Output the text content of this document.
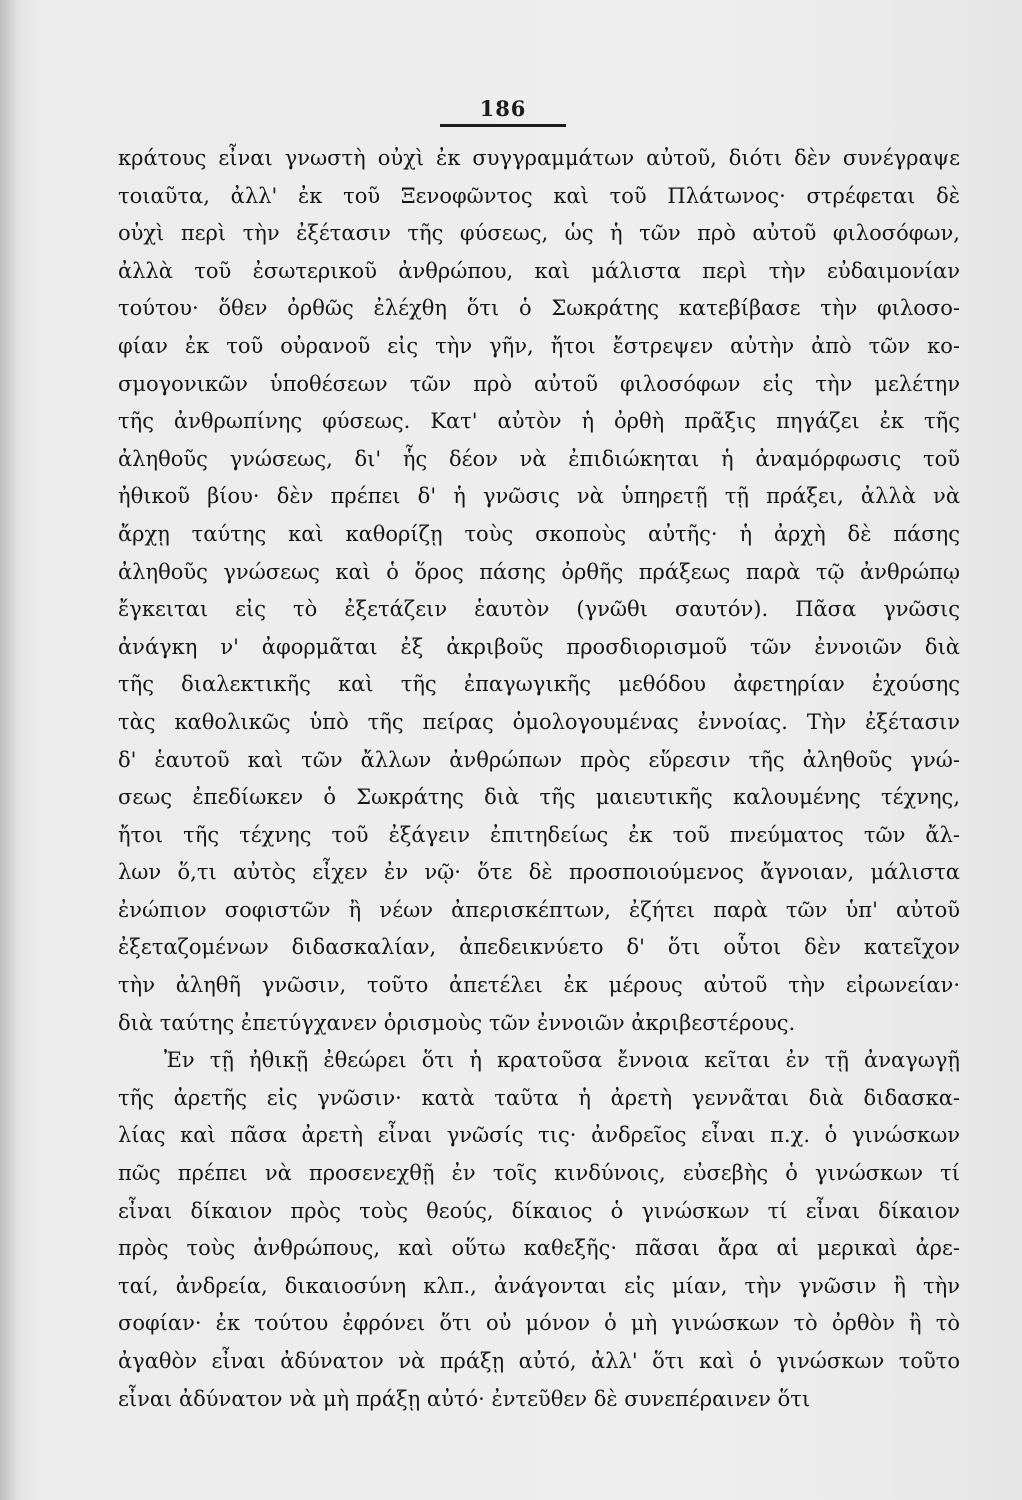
186
κράτους εἶναι γνωστὴ οὐχὶ ἐκ συγγραμμάτων αὐτοῦ, διότι δὲν συνέγραψε
τοιαῦτα, ἀλλ' ἐκ τοῦ Ξενοφῶντος καὶ τοῦ Πλάτωνος· στρέφεται δὲ
οὐχὶ περὶ τὴν ἐξέτασιν τῆς φύσεως, ὡς ἡ τῶν πρὸ αὐτοῦ φιλοσόφων,
ἀλλὰ τοῦ ἐσωτερικοῦ ἀνθρώπου, καὶ μάλιστα περὶ τὴν εὐδαιμονίαν
τούτου· ὅθεν ὀρθῶς ἐλέχθη ὅτι ὁ Σωκράτης κατεβίβασε τὴν φιλοσο-
φίαν ἐκ τοῦ οὐρανοῦ εἰς τὴν γῆν, ἤτοι ἔστρεψεν αὐτὴν ἀπὸ τῶν κο-
σμογονικῶν ὑποθέσεων τῶν πρὸ αὐτοῦ φιλοσόφων εἰς τὴν μελέτην
τῆς ἀνθρωπίνης φύσεως. Κατ' αὐτὸν ἡ ὀρθὴ πρᾶξις πηγάζει ἐκ τῆς
ἀληθοῦς γνώσεως, δι' ἧς δέον νὰ ἐπιδιώκηται ἡ ἀναμόρφωσις τοῦ
ἠθικοῦ βίου· δὲν πρέπει δ' ἡ γνῶσις νὰ ὑπηρετῇ τῇ πράξει, ἀλλὰ νὰ
ἄρχῃ ταύτης καὶ καθορίζῃ τοὺς σκοποὺς αὐτῆς· ἡ ἀρχὴ δὲ πάσης
ἀληθοῦς γνώσεως καὶ ὁ ὅρος πάσης ὀρθῆς πράξεως παρὰ τῷ ἀνθρώπῳ
ἔγκειται εἰς τὸ ἐξετάζειν ἑαυτὸν (γνῶθι σαυτόν). Πᾶσα γνῶσις
ἀνάγκη ν' ἀφορμᾶται ἐξ ἀκριβοῦς προσδιορισμοῦ τῶν ἐννοιῶν διὰ
τῆς διαλεκτικῆς καὶ τῆς ἐπαγωγικῆς μεθόδου ἀφετηρίαν ἐχούσης
τὰς καθολικῶς ὑπὸ τῆς πείρας ὁμολογουμένας ἐννοίας. Τὴν ἐξέτασιν
δ' ἑαυτοῦ καὶ τῶν ἄλλων ἀνθρώπων πρὸς εὕρεσιν τῆς ἀληθοῦς γνώ-
σεως ἐπεδίωκεν ὁ Σωκράτης διὰ τῆς μαιευτικῆς καλουμένης τέχνης,
ἤτοι τῆς τέχνης τοῦ ἐξάγειν ἐπιτηδείως ἐκ τοῦ πνεύματος τῶν ἄλ-
λων ὅ,τι αὐτὸς εἶχεν ἐν νῷ· ὅτε δὲ προσποιούμενος ἄγνοιαν, μάλιστα
ἐνώπιον σοφιστῶν ἢ νέων ἀπερισκέπτων, ἐζήτει παρὰ τῶν ὑπ' αὐτοῦ
ἐξεταζομένων διδασκαλίαν, ἀπεδεικνύετο δ' ὅτι οὗτοι δὲν κατεῖχον
τὴν ἀληθῆ γνῶσιν, τοῦτο ἀπετέλει ἐκ μέρους αὐτοῦ τὴν εἰρωνείαν·
διὰ ταύτης ἐπετύγχανεν ὁρισμοὺς τῶν ἐννοιῶν ἀκριβεστέρους.
Ἐν τῇ ἠθικῇ ἐθεώρει ὅτι ἡ κρατοῦσα ἔννοια κεῖται ἐν τῇ ἀναγωγῇ
τῆς ἀρετῆς εἰς γνῶσιν· κατὰ ταῦτα ἡ ἀρετὴ γεννᾶται διὰ διδασκα-
λίας καὶ πᾶσα ἀρετὴ εἶναι γνῶσίς τις· ἀνδρεῖος εἶναι π.χ. ὁ γινώσκων
πῶς πρέπει νὰ προσενεχθῇ ἐν τοῖς κινδύνοις, εὐσεβὴς ὁ γινώσκων τί
εἶναι δίκαιον πρὸς τοὺς θεούς, δίκαιος ὁ γινώσκων τί εἶναι δίκαιον
πρὸς τοὺς ἀνθρώπους, καὶ οὕτω καθεξῆς· πᾶσαι ἄρα αἱ μερικαὶ ἀρε-
ταί, ἀνδρεία, δικαιοσύνη κλπ., ἀνάγονται εἰς μίαν, τὴν γνῶσιν ἢ τὴν
σοφίαν· ἐκ τούτου ἐφρόνει ὅτι οὐ μόνον ὁ μὴ γινώσκων τὸ ὀρθὸν ἢ τὸ
ἀγαθὸν εἶναι ἀδύνατον νὰ πράξῃ αὐτό, ἀλλ' ὅτι καὶ ὁ γινώσκων τοῦτο
εἶναι ἀδύνατον νὰ μὴ πράξῃ αὐτό· ἐντεῦθεν δὲ συνεπέραινεν ὅτι
